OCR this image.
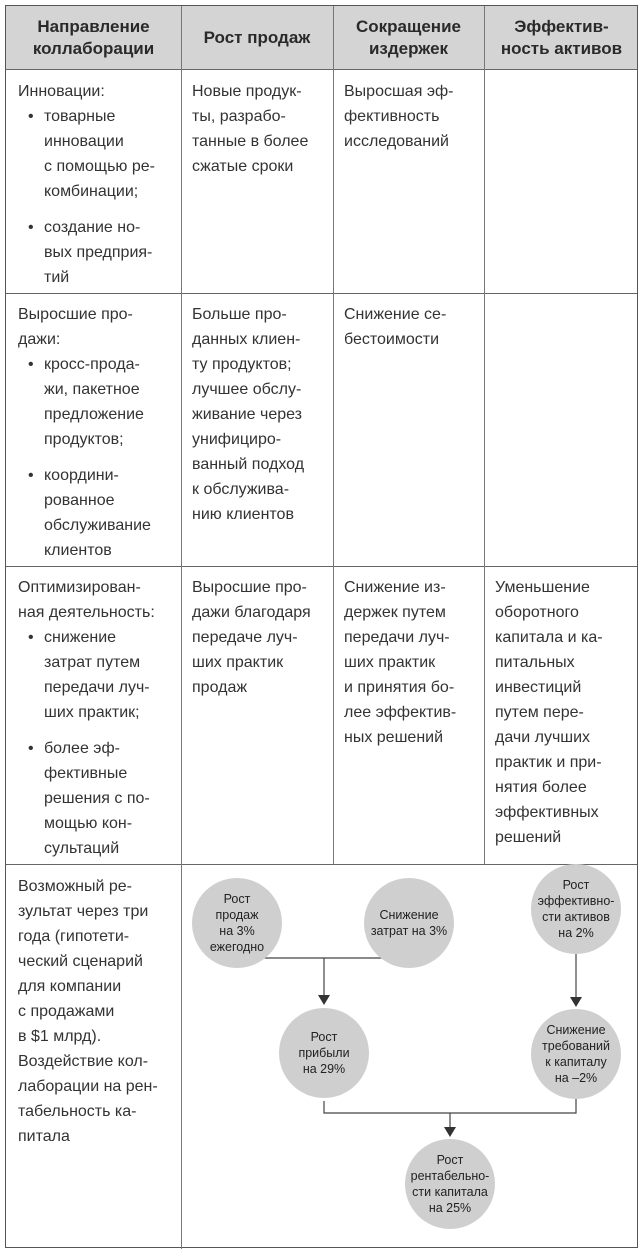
Направление
коллаборации
Рост продаж
Сокращение
издержек
Эффектив-
ность активов
Инновации:
• товарные
инновации
с помощью ре-
комбинации;
• создание но-
вых предприя-
тий
Новые продук-
ты, разрабо-
танные в более
сжатые сроки
Выросшая эф-
фективность
исследований
Выросшие про-
дажи:
• кросс-прода-
жи, пакетное
предложение
продуктов;
• координи-
рованное
обслуживание
клиентов
Больше про-
данных клиен-
ту продуктов;
лучшее обслу-
живание через
унифициро-
ванный подход
к обслужива-
нию клиентов
Снижение се-
бестоимости
Оптимизирован-
ная деятельность:
• снижение
затрат путем
передачи луч-
ших практик;
• более эф-
фективные
решения с по-
мощью кон-
сультаций
Выросшие про-
дажи благодаря
передаче луч-
ших практик
продаж
Снижение из-
держек путем
передачи луч-
ших практик
и принятия бо-
лее эффектив-
ных решений
Уменьшение
оборотного
капитала и ка-
питальных
инвестиций
путем пере-
дачи лучших
практик и при-
нятия более
эффективных
решений
Возможный ре-
зультат через три
года (гипотети-
ческий сценарий
для компании
с продажами
в $1 млрд).
Воздействие кол-
лаборации на рен-
табельность ка-
питала
Рост
продаж
на 3%
ежегодно
Снижение
затрат на 3%
Рост
эффективно-
сти активов
на 2%
Рост
прибыли
на 29%
Снижение
требований
к капиталу
на –2%
Рост
рентабельно-
сти капитала
на 25%
